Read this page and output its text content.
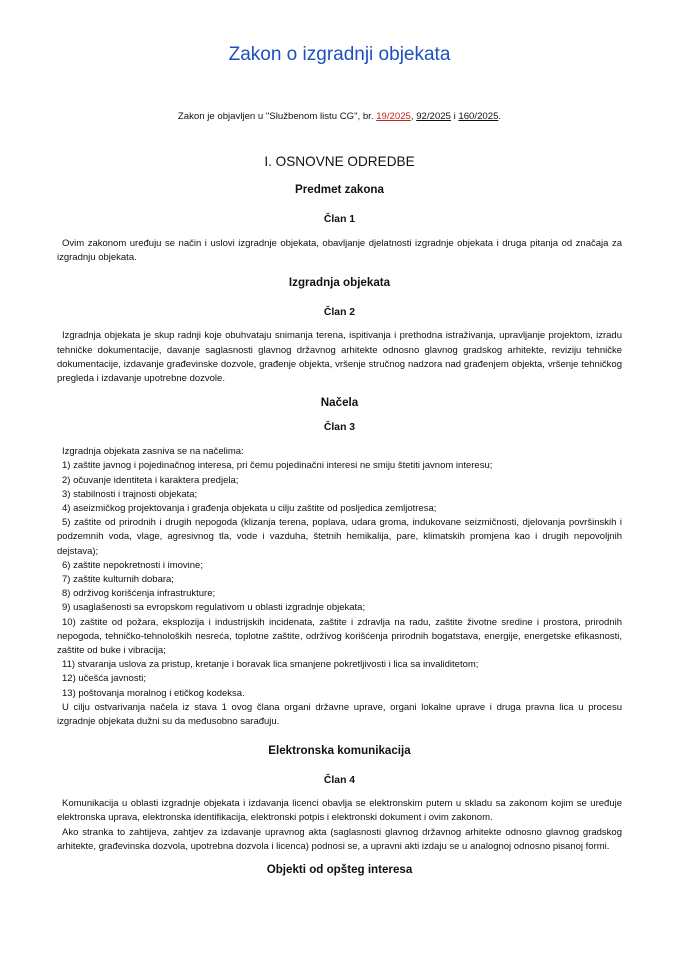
Zakon o izgradnji objekata
Zakon je objavljen u "Službenom listu CG", br. 19/2025, 92/2025 i 160/2025.
I. OSNOVNE ODREDBE
Predmet zakona
Član 1

Ovim zakonom uređuju se način i uslovi izgradnje objekata, obavljanje djelatnosti izgradnje objekata i druga pitanja od značaja za izgradnju objekata.

Izgradnja objekata
Član 2

Izgradnja objekata je skup radnji koje obuhvataju snimanja terena, ispitivanja i prethodna istraživanja, upravljanje projektom, izradu tehničke dokumentacije, davanje saglasnosti glavnog državnog arhitekte odnosno glavnog gradskog arhitekte, reviziju tehničke dokumentacije, izdavanje građevinske dozvole, građenje objekta, vršenje stručnog nadzora nad građenjem objekta, vršenje tehničkog pregleda i izdavanje upotrebne dozvole.

Načela
Član 3

Izgradnja objekata zasniva se na načelima:

1) zaštite javnog i pojedinačnog interesa, pri čemu pojedinačni interesi ne smiju štetiti javnom interesu;

2) očuvanje identiteta i karaktera predjela;

3) stabilnosti i trajnosti objekata;

4) aseizmičkog projektovanja i građenja objekata u cilju zaštite od posljedica zemljotresa;

5) zaštite od prirodnih i drugih nepogoda (klizanja terena, poplava, udara groma, indukovane seizmičnosti, djelovanja površinskih i podzemnih voda, vlage, agresivnog tla, vode i vazduha, štetnih hemikalija, pare, klimatskih promjena kao i drugih nepovoljnih dejstava);

6) zaštite nepokretnosti i imovine;

7) zaštite kulturnih dobara;

8) održivog korišćenja infrastrukture;

9) usaglašenosti sa evropskom regulativom u oblasti izgradnje objekata;

10) zaštite od požara, eksplozija i industrijskih incidenata, zaštite i zdravlja na radu, zaštite životne sredine i prostora, prirodnih nepogoda, tehničko-tehnoloških nesreća, toplotne zaštite, održivog korišćenja prirodnih bogatstava, energije, energetske efikasnosti, zaštite od buke i vibracija;

11) stvaranja uslova za pristup, kretanje i boravak lica smanjene pokretljivosti i lica sa invaliditetom;

12) učešća javnosti;

13) poštovanja moralnog i etičkog kodeksa.

U cilju ostvarivanja načela iz stava 1 ovog člana organi državne uprave, organi lokalne uprave i druga pravna lica u procesu izgradnje objekata dužni su da međusobno sarađuju.

Elektronska komunikacija
Član 4

Komunikacija u oblasti izgradnje objekata i izdavanja licenci obavlja se elektronskim putem u skladu sa zakonom kojim se uređuje elektronska uprava, elektronska identifikacija, elektronski potpis i elektronski dokument i ovim zakonom.

Ako stranka to zahtijeva, zahtjev za izdavanje upravnog akta (saglasnosti glavnog državnog arhitekte odnosno glavnog gradskog arhitekte, građevinska dozvola, upotrebna dozvola i licenca) podnosi se, a upravni akti izdaju se u analognoj odnosno pisanoj formi.

Objekti od opšteg interesa
